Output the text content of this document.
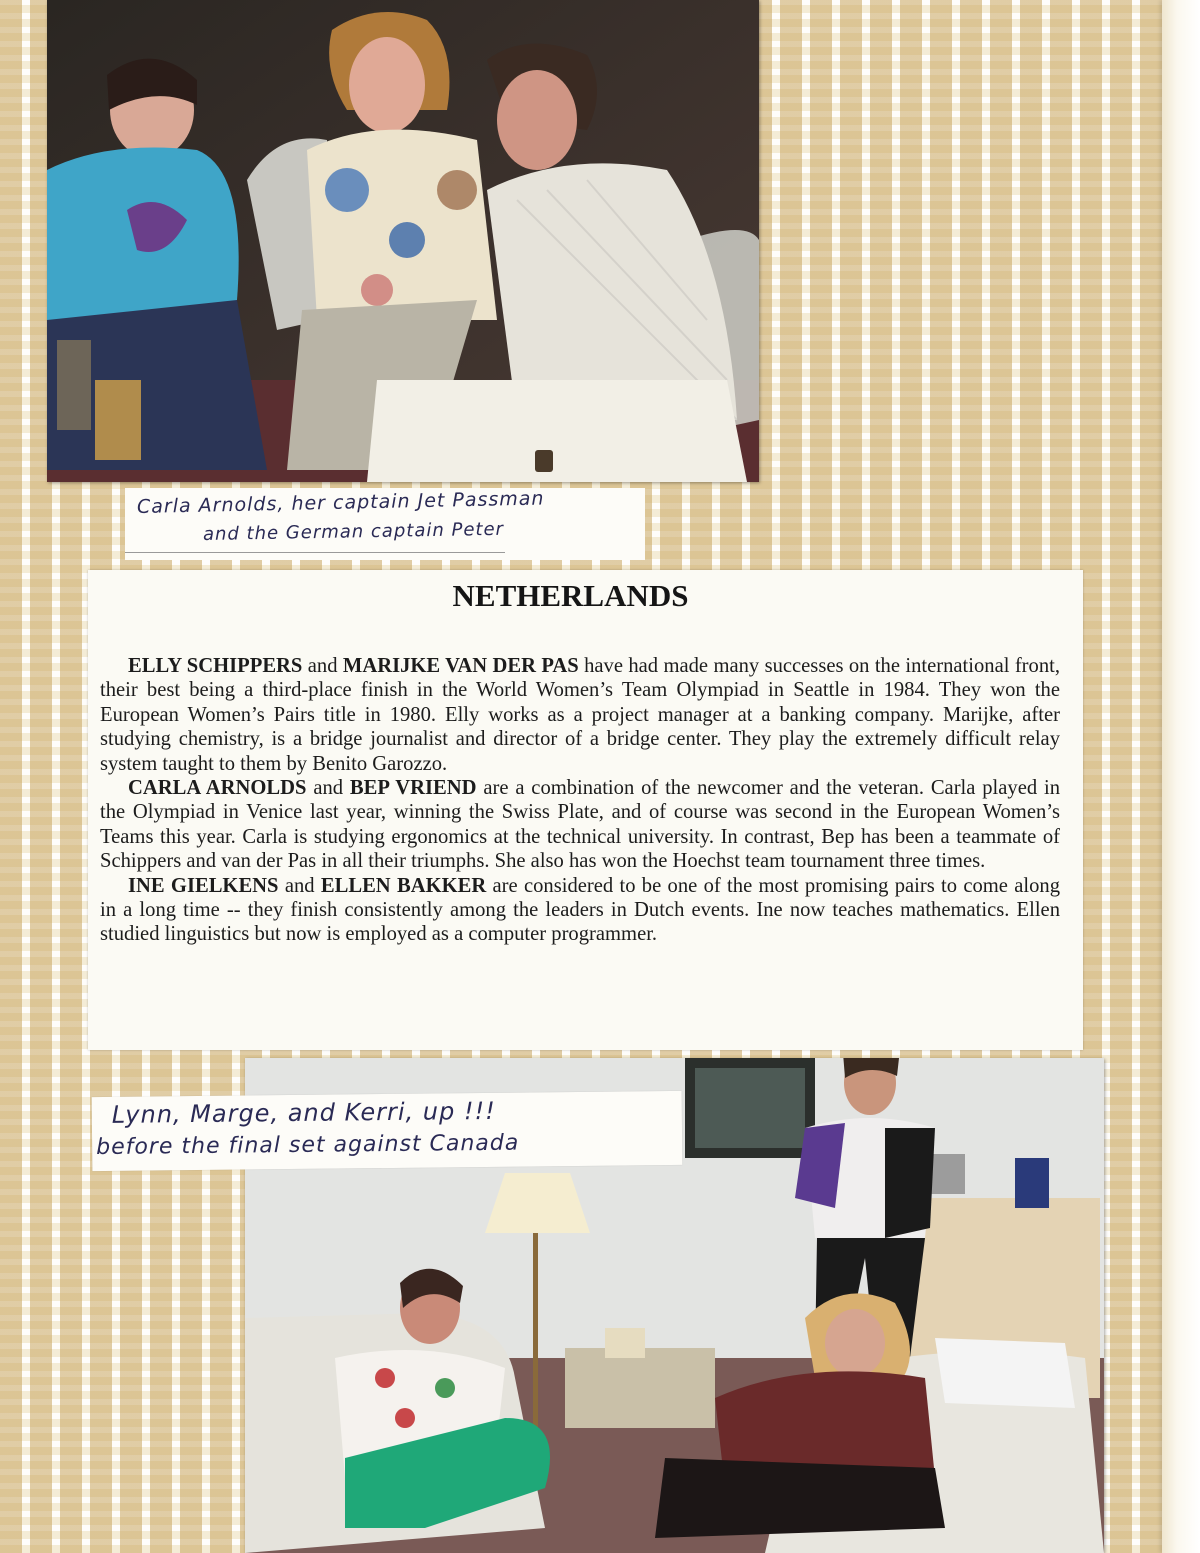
Carla Arnolds, her captain Jet Passman
and the German captain Peter
NETHERLANDS

ELLY SCHIPPERS and MARIJKE VAN DER PAS have had made many successes on the international front, their best being a third-place finish in the World Women’s Team Olympiad in Seattle in 1984. They won the European Women’s Pairs title in 1980. Elly works as a project manager at a banking company. Marijke, after studying chemistry, is a bridge journalist and director of a bridge center. They play the extremely difficult relay system taught to them by Benito Garozzo.

CARLA ARNOLDS and BEP VRIEND are a combination of the newcomer and the veteran. Carla played in the Olympiad in Venice last year, winning the Swiss Plate, and of course was second in the European Women’s Teams this year. Carla is studying ergonomics at the technical university. In contrast, Bep has been a teammate of Schippers and van der Pas in all their triumphs. She also has won the Hoechst team tournament three times.

INE GIELKENS and ELLEN BAKKER are considered to be one of the most promising pairs to come along in a long time -- they finish consistently among the leaders in Dutch events. Ine now teaches mathematics. Ellen studied linguistics but now is employed as a computer programmer.

Lynn, Marge, and Kerri, up !!!
before the final set against Canada
